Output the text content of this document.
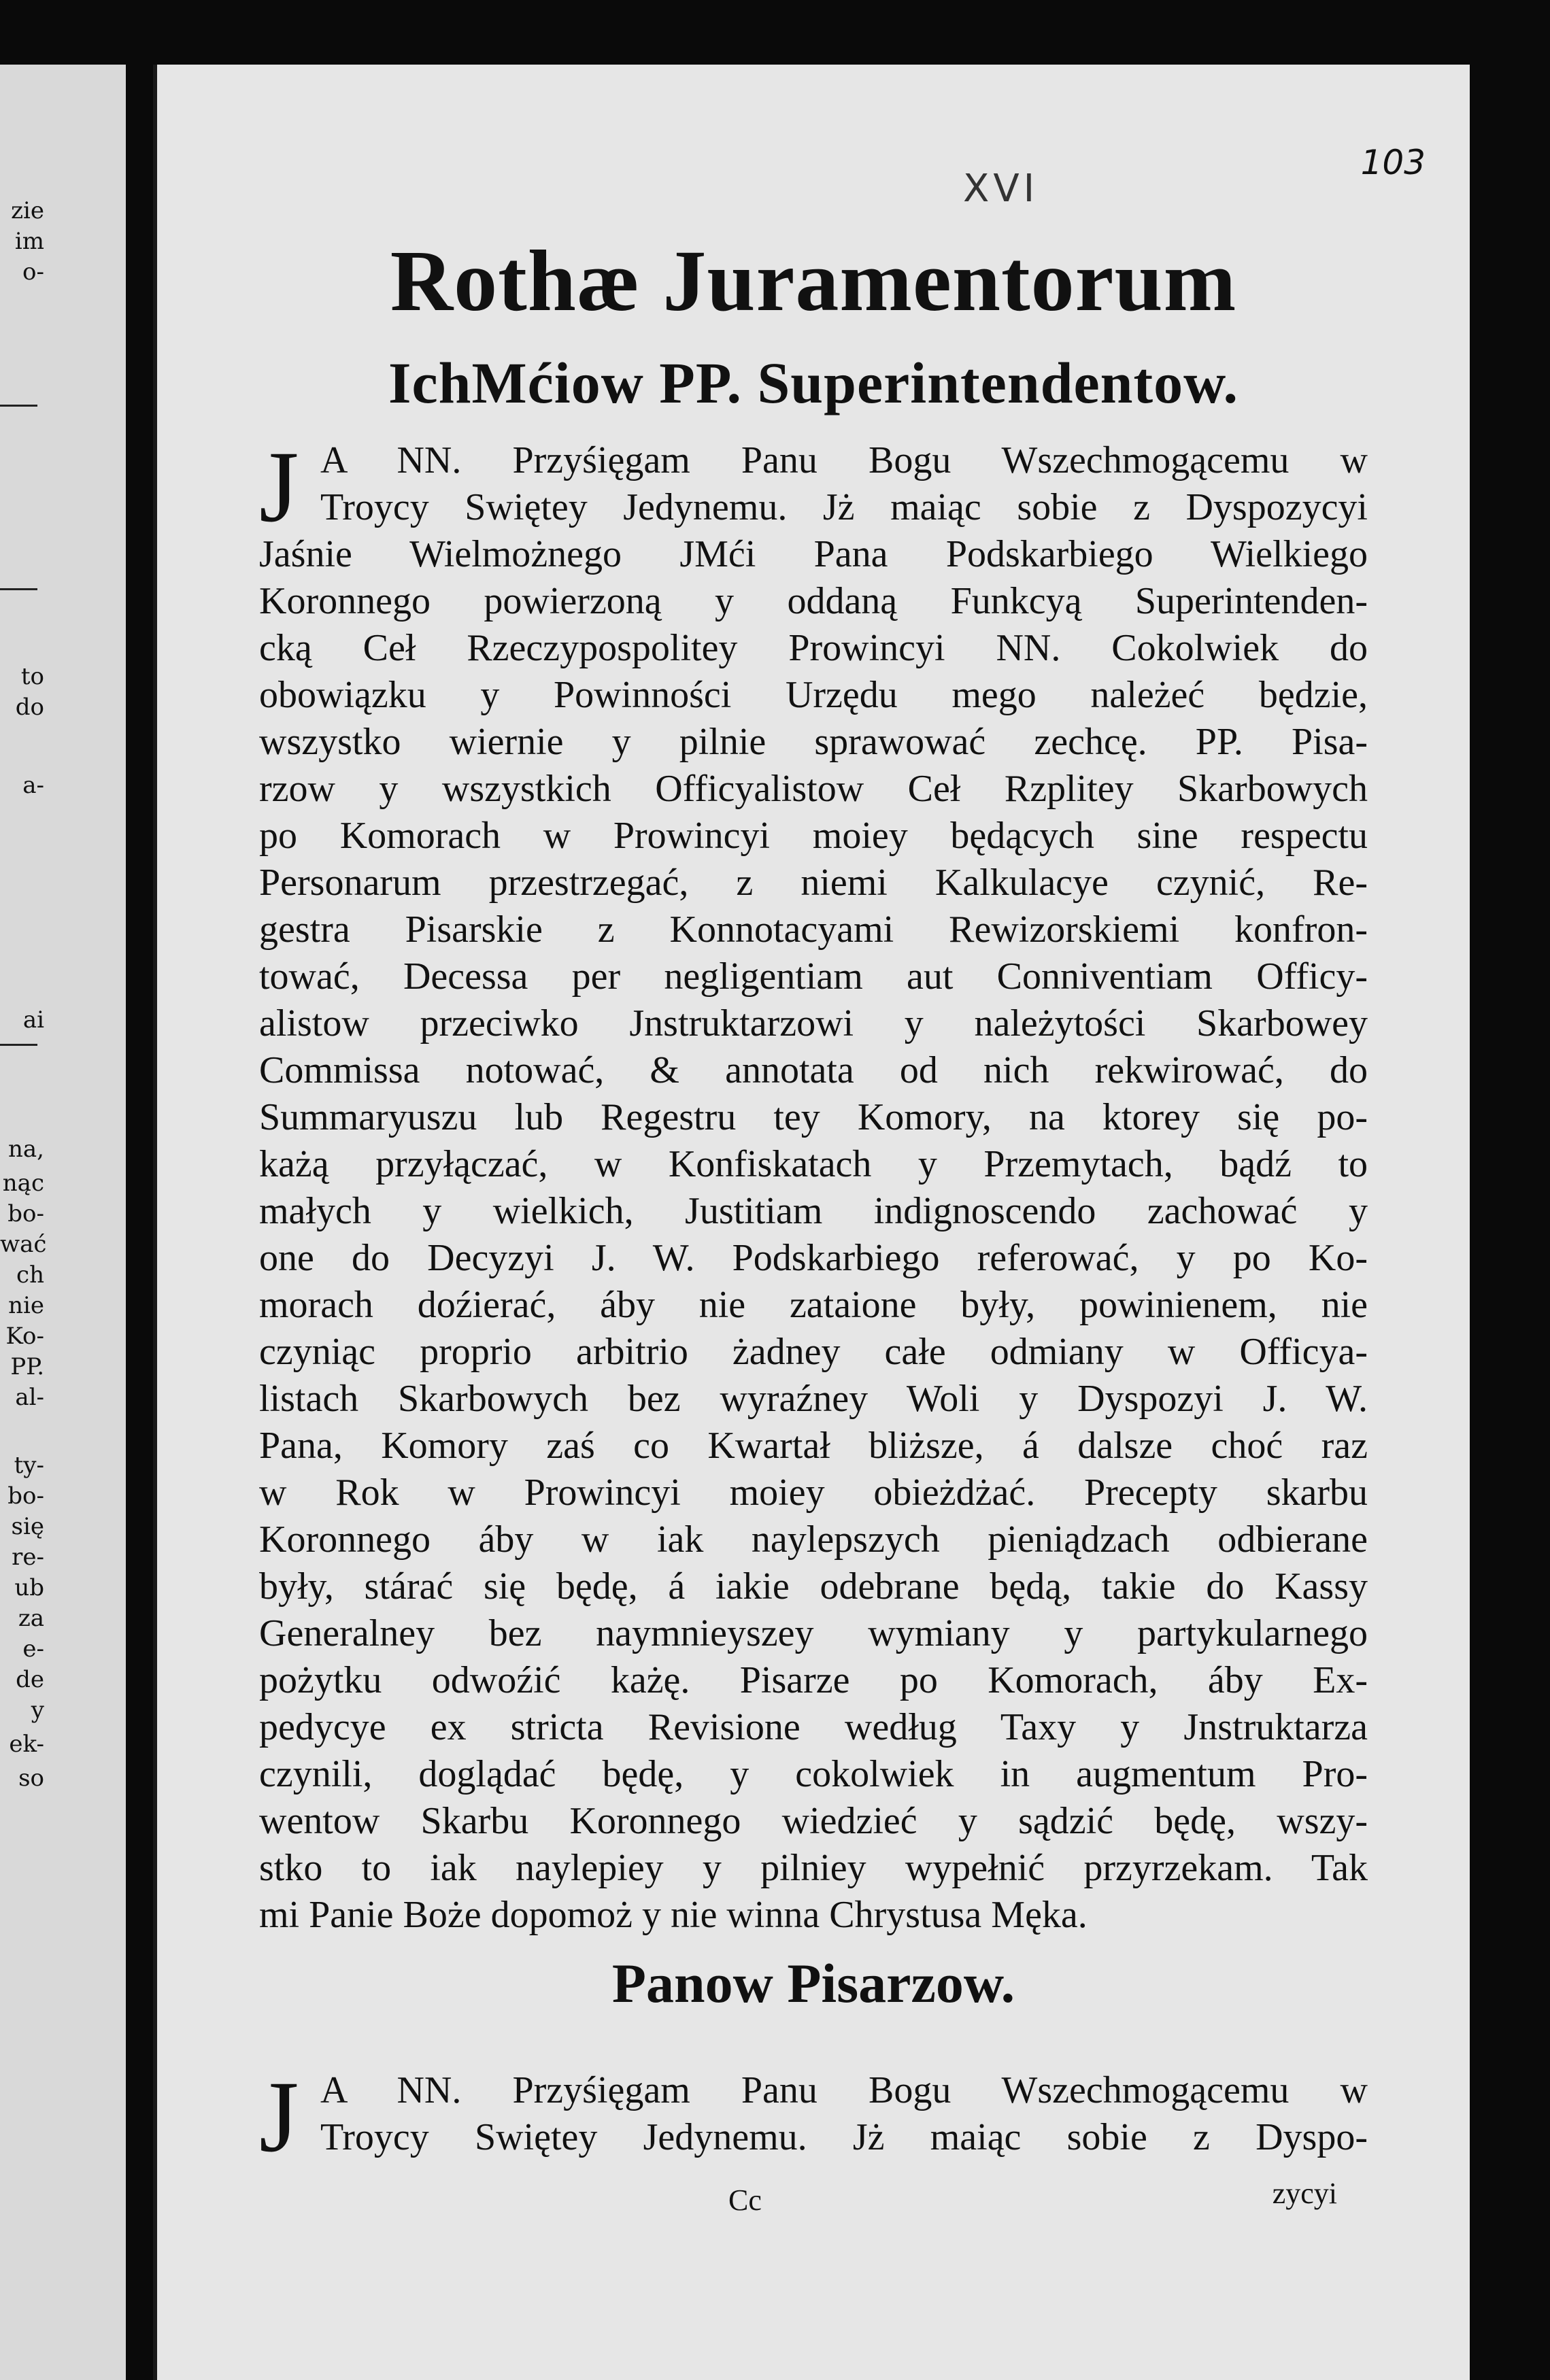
zie
im
o-
to
do
a-
ai
na,
nąc
bo-
wać
ch
nie
Ko-
PP.
al-
ty-
bo-
się
re-
ub
za
e-
de
y
ek-
so
XVI
103
Rothæ Juramentorum
IchMćiow PP. Superintendentow.
J A NN. Przyśięgam Panu Bogu Wszechmogącemu w
Troycy Swiętey Jedynemu. Jż maiąc sobie z Dyspozycyi
Jaśnie Wielmożnego JMći Pana Podskarbiego Wielkiego
Koronnego powierzoną y oddaną Funkcyą Superintenden-
cką Ceł Rzeczypospolitey Prowincyi NN. Cokolwiek do
obowiązku y Powinności Urzędu mego należeć będzie,
wszystko wiernie y pilnie sprawować zechcę. PP. Pisa-
rzow y wszystkich Officyalistow Ceł Rzplitey Skarbowych
po Komorach w Prowincyi moiey będących sine respectu
Personarum przestrzegać, z niemi Kalkulacye czynić, Re-
gestra Pisarskie z Konnotacyami Rewizorskiemi konfron-
tować, Decessa per negligentiam aut Conniventiam Officy-
alistow przeciwko Jnstruktarzowi y należytości Skarbowey
Commissa notować, & annotata od nich rekwirować, do
Summaryuszu lub Regestru tey Komory, na ktorey się po-
każą przyłączać, w Konfiskatach y Przemytach, bądź to
małych y wielkich, Justitiam indignoscendo zachować y
one do Decyzyi J. W. Podskarbiego referować, y po Ko-
morach doźierać, áby nie zataione były, powinienem, nie
czyniąc proprio arbitrio żadney całe odmiany w Officya-
listach Skarbowych bez wyraźney Woli y Dyspozyi J. W.
Pana, Komory zaś co Kwartał bliższe, á dalsze choć raz
w Rok w Prowincyi moiey obieżdżać. Precepty skarbu
Koronnego áby w iak naylepszych pieniądzach odbierane
były, stárać się będę, á iakie odebrane będą, takie do Kassy
Generalney bez naymnieyszey wymiany y partykularnego
pożytku odwoźić każę. Pisarze po Komorach, áby Ex-
pedycye ex stricta Revisione według Taxy y Jnstruktarza
czynili, doglądać będę, y cokolwiek in augmentum Pro-
wentow Skarbu Koronnego wiedzieć y sądzić będę, wszy-
stko to iak naylepiey y pilniey wypełnić przyrzekam. Tak
mi Panie Boże dopomoż y nie winna Chrystusa Męka.
Panow Pisarzow.
J A NN. Przyśięgam Panu Bogu Wszechmogącemu w
Troycy Swiętey Jedynemu. Jż maiąc sobie z Dyspo-
Cc	zycyi
